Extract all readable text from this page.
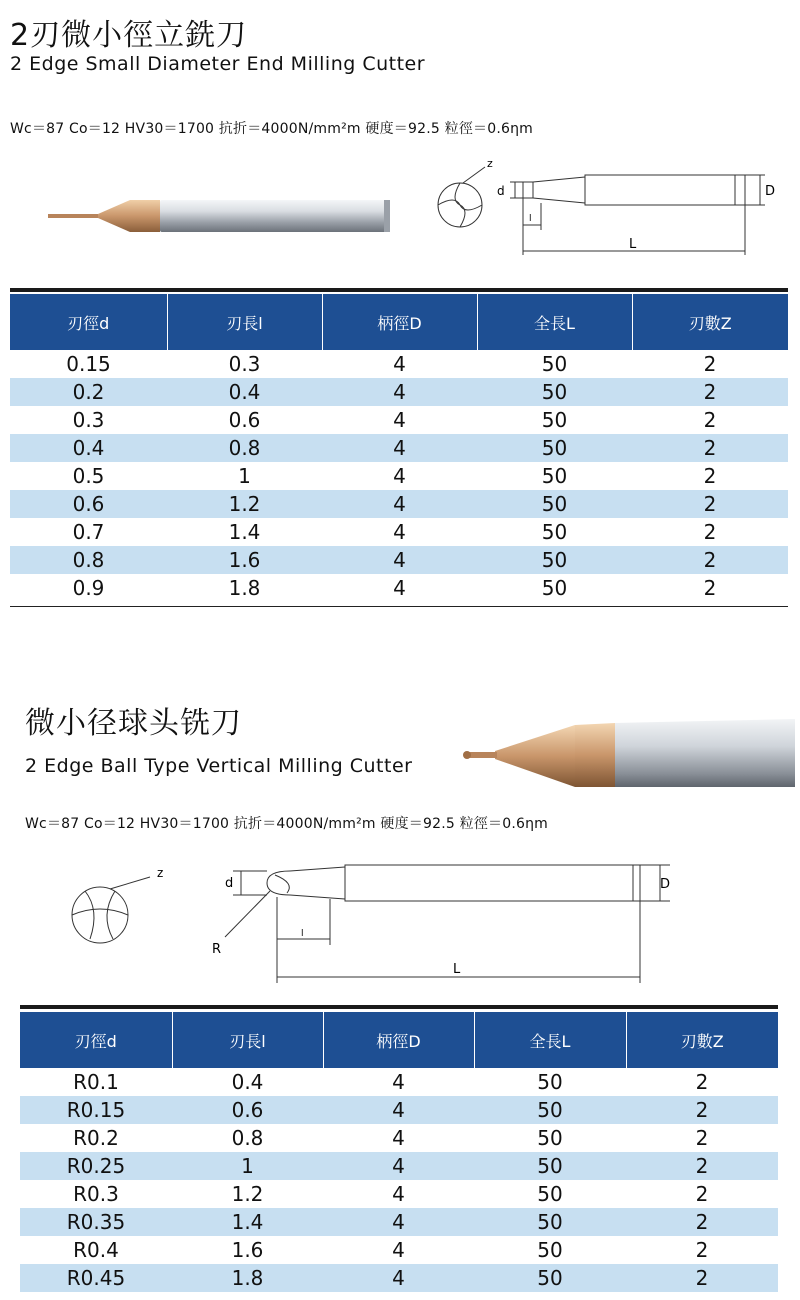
2刃微小徑立銑刀
2 Edge Small Diameter End Milling Cutter
Wc＝87 Co＝12 HV30＝1700 抗折＝4000N/mm²m 硬度＝92.5 粒徑＝0.6ηm
z
d
l
D
L
刃徑d	刃長l	柄徑D	全長L	刃數Z
0.15	0.3	4	50	2
0.2	0.4	4	50	2
0.3	0.6	4	50	2
0.4	0.8	4	50	2
0.5	1	4	50	2
0.6	1.2	4	50	2
0.7	1.4	4	50	2
0.8	1.6	4	50	2
0.9	1.8	4	50	2
微小径球头铣刀
2 Edge Ball Type Vertical Milling Cutter
Wc＝87 Co＝12 HV30＝1700 抗折＝4000N/mm²m 硬度＝92.5 粒徑＝0.6ηm
z
d
R
l
D
L
刃徑d	刃長l	柄徑D	全長L	刃數Z
R0.1	0.4	4	50	2
R0.15	0.6	4	50	2
R0.2	0.8	4	50	2
R0.25	1	4	50	2
R0.3	1.2	4	50	2
R0.35	1.4	4	50	2
R0.4	1.6	4	50	2
R0.45	1.8	4	50	2
